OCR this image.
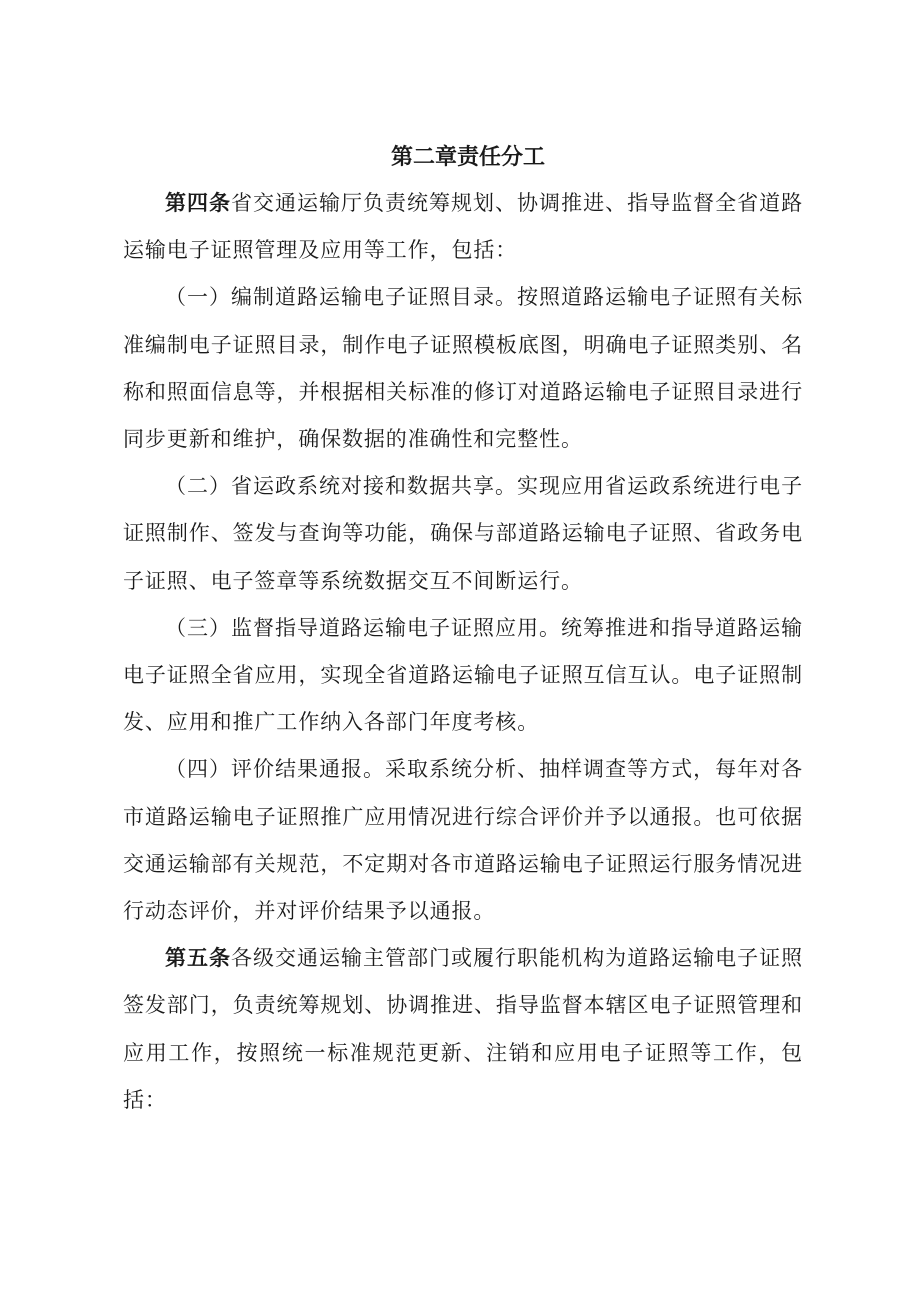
第二章责任分工

第四条省交通运输厅负责统筹规划、协调推进、指导监督全省道路运输电子证照管理及应用等工作，包括：

（一）编制道路运输电子证照目录。按照道路运输电子证照有关标准编制电子证照目录，制作电子证照模板底图，明确电子证照类别、名称和照面信息等，并根据相关标准的修订对道路运输电子证照目录进行同步更新和维护，确保数据的准确性和完整性。

（二）省运政系统对接和数据共享。实现应用省运政系统进行电子证照制作、签发与查询等功能，确保与部道路运输电子证照、省政务电子证照、电子签章等系统数据交互不间断运行。

（三）监督指导道路运输电子证照应用。统筹推进和指导道路运输电子证照全省应用，实现全省道路运输电子证照互信互认。电子证照制发、应用和推广工作纳入各部门年度考核。

（四）评价结果通报。采取系统分析、抽样调查等方式，每年对各市道路运输电子证照推广应用情况进行综合评价并予以通报。也可依据交通运输部有关规范，不定期对各市道路运输电子证照运行服务情况进行动态评价，并对评价结果予以通报。

第五条各级交通运输主管部门或履行职能机构为道路运输电子证照签发部门，负责统筹规划、协调推进、指导监督本辖区电子证照管理和应用工作，按照统一标准规范更新、注销和应用电子证照等工作，包括：
